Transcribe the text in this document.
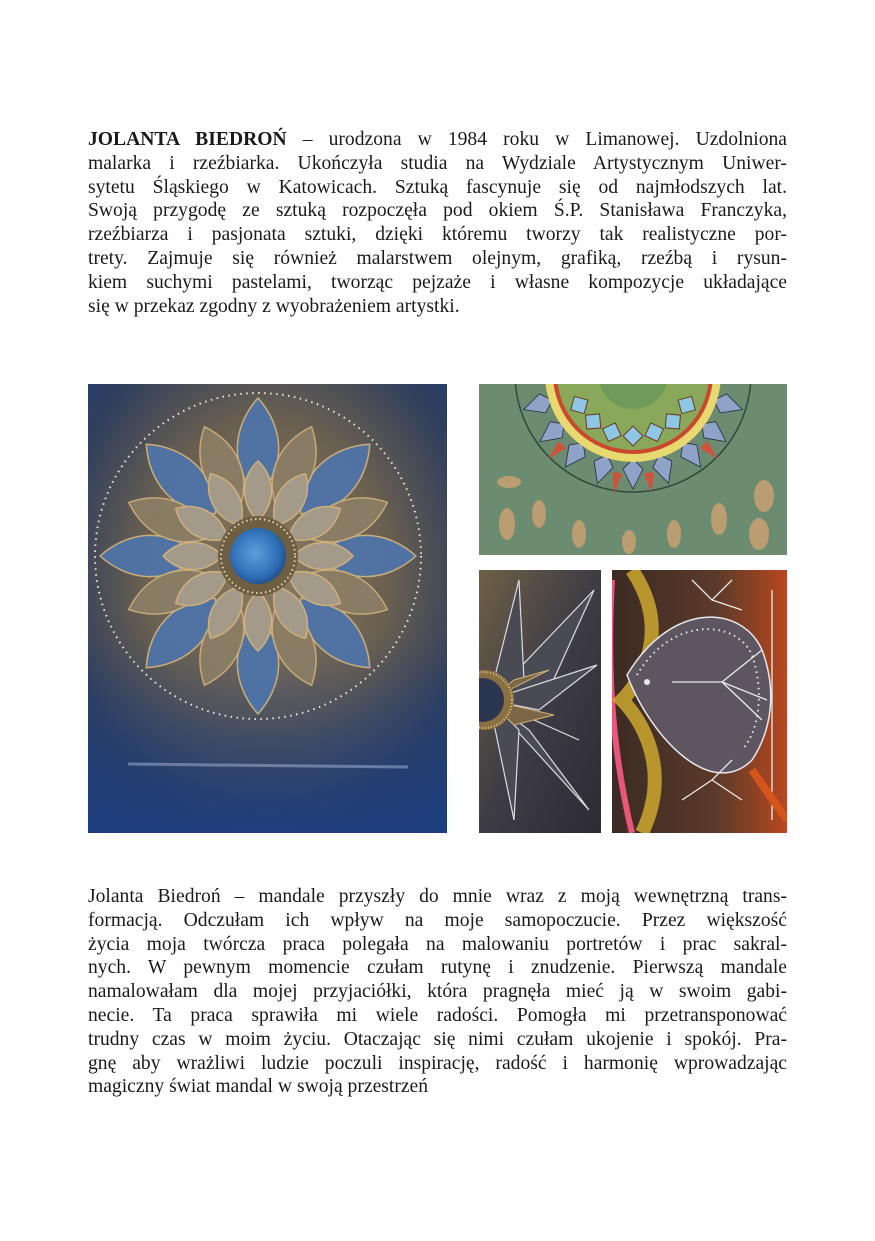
JOLANTA BIEDROŃ – urodzona w 1984 roku w Limanowej. Uzdolniona
malarka i rzeźbiarka. Ukończyła studia na Wydziale Artystycznym Uniwer-
sytetu Śląskiego w Katowicach. Sztuką fascynuje się od najmłodszych lat.
Swoją przygodę ze sztuką rozpoczęła pod okiem Ś.P. Stanisława Franczyka,
rzeźbiarza i pasjonata sztuki, dzięki któremu tworzy tak realistyczne por-
trety. Zajmuje się również malarstwem olejnym, grafiką, rzeźbą i rysun-
kiem suchymi pastelami, tworząc pejzaże i własne kompozycje układające
się w przekaz zgodny z wyobrażeniem artystki.
Jolanta Biedroń – mandale przyszły do mnie wraz z moją wewnętrzną trans-
formacją. Odczułam ich wpływ na moje samopoczucie. Przez większość
życia moja twórcza praca polegała na malowaniu portretów i prac sakral-
nych. W pewnym momencie czułam rutynę i znudzenie. Pierwszą mandale
namalowałam dla mojej przyjaciółki, która pragnęła mieć ją w swoim gabi-
necie. Ta praca sprawiła mi wiele radości. Pomogła mi przetransponować
trudny czas w moim życiu. Otaczając się nimi czułam ukojenie i spokój. Pra-
gnę aby wrażliwi ludzie poczuli inspirację, radość i harmonię wprowadzając
magiczny świat mandal w swoją przestrzeń
